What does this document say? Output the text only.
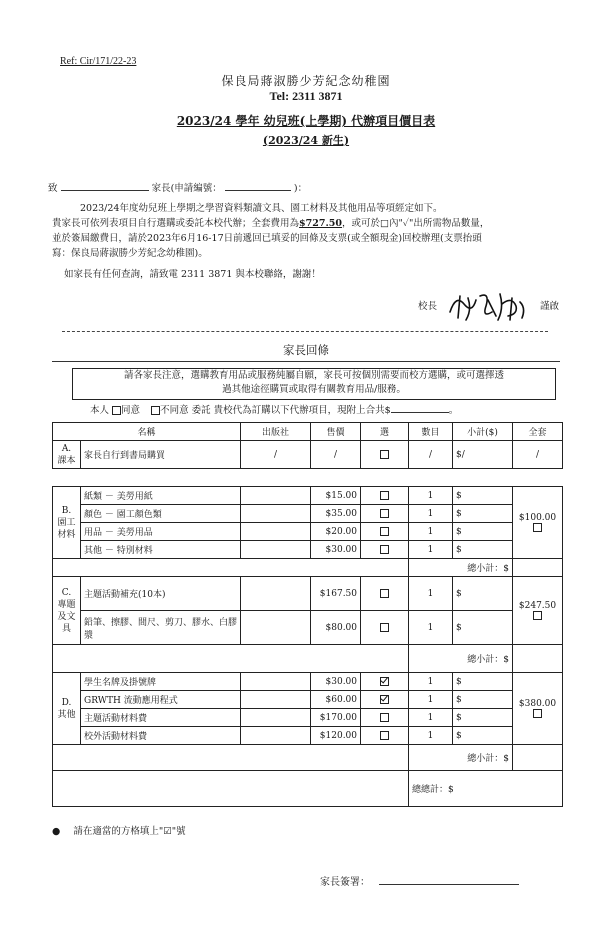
Ref: Cir/171/22-23
保良局蔣淑勝少芳紀念幼稚園
Tel: 2311 3871
2023/24 學年 幼兒班(上學期) 代辦項目價目表
(2023/24 新生)
致	家長(申請編號：	)：
2023/24年度幼兒班上學期之學習資料類讀文具、園工材料及其他用品等項經定如下。
貴家長可依列表項目自行選購或委託本校代辦；全套費用為$727.50，或可於□內"✓"出所需物品數量，
並於簽屆繳費日，請於2023年6月16-17日前遞回已填妥的回條及支票(或全額現金)回校辦理(支票抬頭
寫：保良局蔣淑勝少芳紀念幼稚園)。
如家長有任何查詢，請致電 2311 3871 與本校聯絡，謝謝！
校長	謹啟
家長回條
請各家長注意，選購教育用品或服務純屬自願，家長可按個別需要而校方選購，或可選擇透
過其他途徑購買或取得有關教育用品/服務。
本人 同意 不同意 委託 貴校代為訂購以下代辦項目，現附上合共$	。
名稱		出版社	售價	選	數目	小計($)	全套
A. 課本	家長自行到書局購買	/	/		/	$/	/

B. 園工材料	紙類 － 美勞用紙		$15.00		1	$	$100.00
	顏色 － 園工顏色類		$35.00		1	$	
	用品 － 美勞用品		$20.00		1	$	
	其他 － 特別材料		$30.00		1	$	
					總小計：$		
C. 專題及文具	主題活動補充(10本)		$167.50		1	$	$247.50
	鉛筆、擦膠、間尺、剪刀、膠水、白膠漿		$80.00		1	$	
					總小計：$		
D. 其他	學生名牌及掛號牌		$30.00		1	$	$380.00
	GRWTH 流動應用程式		$60.00		1	$	
	主題活動材料費		$170.00		1	$	
	校外活動材料費		$120.00		1	$	
					總小計：$		
					總總計：$		
● 請在適當的方格填上"☑"號
家長簽署：
